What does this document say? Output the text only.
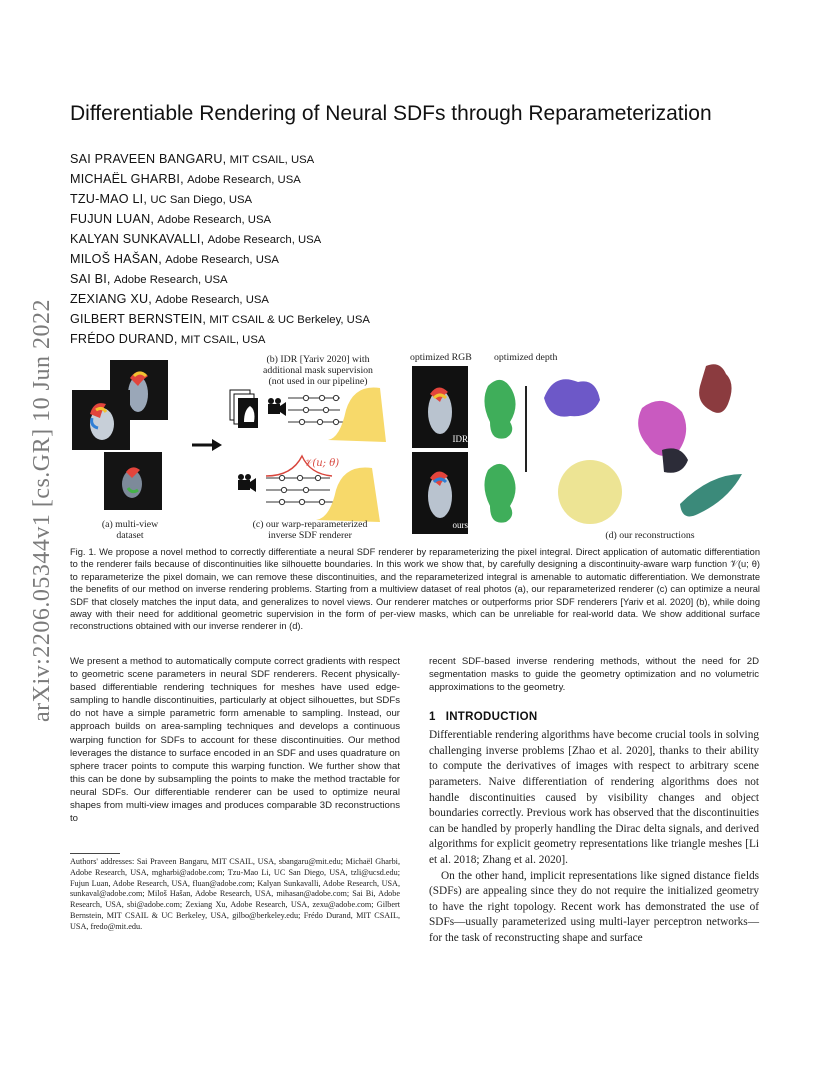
arXiv:2206.05344v1 [cs.GR] 10 Jun 2022
Differentiable Rendering of Neural SDFs through Reparameterization
SAI PRAVEEN BANGARU, MIT CSAIL, USA
MICHAËL GHARBI, Adobe Research, USA
TZU-MAO LI, UC San Diego, USA
FUJUN LUAN, Adobe Research, USA
KALYAN SUNKAVALLI, Adobe Research, USA
MILOŠ HAŠAN, Adobe Research, USA
SAI BI, Adobe Research, USA
ZEXIANG XU, Adobe Research, USA
GILBERT BERNSTEIN, MIT CSAIL & UC Berkeley, USA
FRÉDO DURAND, MIT CSAIL, USA
IDR
ours
𝒱(u; θ)
(b) IDR [Yariv 2020] with
additional mask supervision
(not used in our pipeline)
optimized RGB	optimized depth
(a) multi-view
dataset
(c) our warp-reparameterized
inverse SDF renderer	(d) our reconstructions

Fig. 1. We propose a novel method to correctly differentiate a neural SDF renderer by reparameterizing the pixel integral. Direct application of automatic differentiation to the renderer fails because of discontinuities like silhouette boundaries. In this work we show that, by carefully designing a discontinuity-aware warp function 𝒱(u; θ) to reparameterize the pixel domain, we can remove these discontinuities, and the reparameterized integral is amenable to automatic differentiation. We demonstrate the benefits of our method on inverse rendering problems. Starting from a multiview dataset of real photos (a), our reparameterized renderer (c) can optimize a neural SDF that closely matches the input data, and generalizes to novel views. Our renderer matches or outperforms prior SDF renderers [Yariv et al. 2020] (b), while doing away with their need for additional geometric supervision in the form of per-view masks, which can be unreliable for real-world data. We show additional surface reconstructions obtained with our inverse renderer in (d).

We present a method to automatically compute correct gradients with respect to geometric scene parameters in neural SDF renderers. Recent physically-based differentiable rendering techniques for meshes have used edge-sampling to handle discontinuities, particularly at object silhouettes, but SDFs do not have a simple parametric form amenable to sampling. Instead, our approach builds on area-sampling techniques and develops a continuous warping function for SDFs to account for these discontinuities. Our method leverages the distance to surface encoded in an SDF and uses quadrature on sphere tracer points to compute this warping function. We further show that this can be done by subsampling the points to make the method tractable for neural SDFs. Our differentiable renderer can be used to optimize neural shapes from multi-view images and produces comparable 3D reconstructions to

Authors' addresses: Sai Praveen Bangaru, MIT CSAIL, USA, sbangaru@mit.edu; Michaël Gharbi, Adobe Research, USA, mgharbi@adobe.com; Tzu-Mao Li, UC San Diego, USA, tzli@ucsd.edu; Fujun Luan, Adobe Research, USA, fluan@adobe.com; Kalyan Sunkavalli, Adobe Research, USA, sunkaval@adobe.com; Miloš Hašan, Adobe Research, USA, mihasan@adobe.com; Sai Bi, Adobe Research, USA, sbi@adobe.com; Zexiang Xu, Adobe Research, USA, zexu@adobe.com; Gilbert Bernstein, MIT CSAIL & UC Berkeley, USA, gilbo@berkeley.edu; Frédo Durand, MIT CSAIL, USA, fredo@mit.edu.

recent SDF-based inverse rendering methods, without the need for 2D segmentation masks to guide the geometry optimization and no volumetric approximations to the geometry.

1 INTRODUCTION

Differentiable rendering algorithms have become crucial tools in solving challenging inverse problems [Zhao et al. 2020], thanks to their ability to compute the derivatives of images with respect to arbitrary scene parameters. Naive differentiation of rendering algorithms does not handle discontinuities caused by visibility changes and object boundaries correctly. Previous work has observed that the discontinuities can be handled by properly handling the Dirac delta signals, and derived algorithms for explicit geometry representations like triangle meshes [Li et al. 2018; Zhang et al. 2020].

On the other hand, implicit representations like signed distance fields (SDFs) are appealing since they do not require the initialized geometry to have the right topology. Recent work has demonstrated the use of SDFs—usually parameterized using multi-layer perceptron networks—for the task of reconstructing shape and surface
